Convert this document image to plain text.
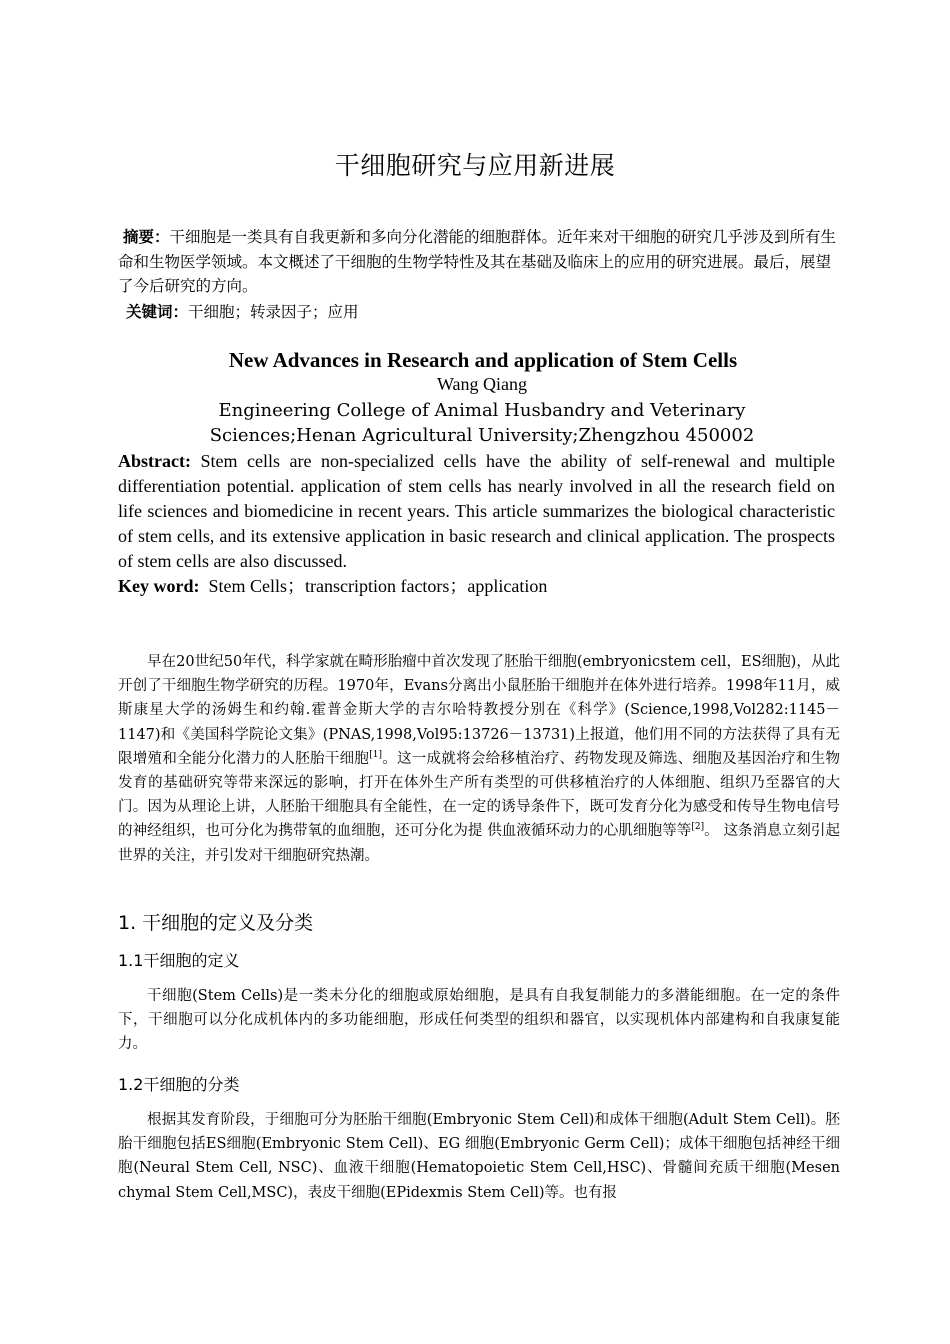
干细胞研究与应用新进展
摘要：干细胞是一类具有自我更新和多向分化潜能的细胞群体。近年来对干细胞的研究几乎涉及到所有生命和生物医学领域。本文概述了干细胞的生物学特性及其在基础及临床上的应用的研究进展。最后，展望了今后研究的方向。
关键词：干细胞；转录因子；应用
New Advances in Research and application of Stem Cells
Wang Qiang
Engineering College of Animal Husbandry and Veterinary
Sciences;Henan Agricultural University;Zhengzhou 450002
Abstract: Stem cells are non-specialized cells have the ability of self-renewal and multiple differentiation potential. application of stem cells has nearly involved in all the research field on life sciences and biomedicine in recent years. This article summarizes the biological characteristic of stem cells, and its extensive application in basic research and clinical application. The prospects of stem cells are also discussed.
Key word: Stem Cells；transcription factors；application
早在20世纪50年代，科学家就在畸形胎瘤中首次发现了胚胎干细胞(embryonicstem cell，ES细胞)，从此开创了干细胞生物学研究的历程。1970年，Evans分离出小鼠胚胎干细胞并在体外进行培养。1998年11月，威斯康星大学的汤姆生和约翰.霍普金斯大学的吉尔哈特教授分别在《科学》(Science,1998,Vol282:1145－1147)和《美国科学院论文集》(PNAS,1998,Vol95:13726－13731)上报道，他们用不同的方法获得了具有无限增殖和全能分化潜力的人胚胎干细胞[1]。这一成就将会给移植治疗、药物发现及筛选、细胞及基因治疗和生物发育的基础研究等带来深远的影响，打开在体外生产所有类型的可供移植治疗的人体细胞、组织乃至器官的大门。因为从理论上讲，人胚胎干细胞具有全能性，在一定的诱导条件下，既可发育分化为感受和传导生物电信号的神经组织，也可分化为携带氧的血细胞，还可分化为提 供血液循环动力的心肌细胞等等[2]。 这条消息立刻引起世界的关注，并引发对干细胞研究热潮。
1. 干细胞的定义及分类
1.1干细胞的定义
干细胞(Stem Cells)是一类未分化的细胞或原始细胞，是具有自我复制能力的多潜能细胞。在一定的条件下，干细胞可以分化成机体内的多功能细胞，形成任何类型的组织和器官，以实现机体内部建构和自我康复能力。
1.2干细胞的分类
根据其发育阶段，于细胞可分为胚胎干细胞(Embryonic Stem Cell)和成体干细胞(Adult Stem Cell)。胚胎干细胞包括ES细胞(Embryonic Stem Cell)、EG 细胞(Embryonic Germ Cell)；成体干细胞包括神经干细胞(Neural Stem Cell, NSC)、血液干细胞(Hematopoietic Stem Cell,HSC)、骨髓间充质干细胞(Mesen chymal Stem Cell,MSC)，表皮干细胞(EPidexmis Stem Cell)等。也有报
